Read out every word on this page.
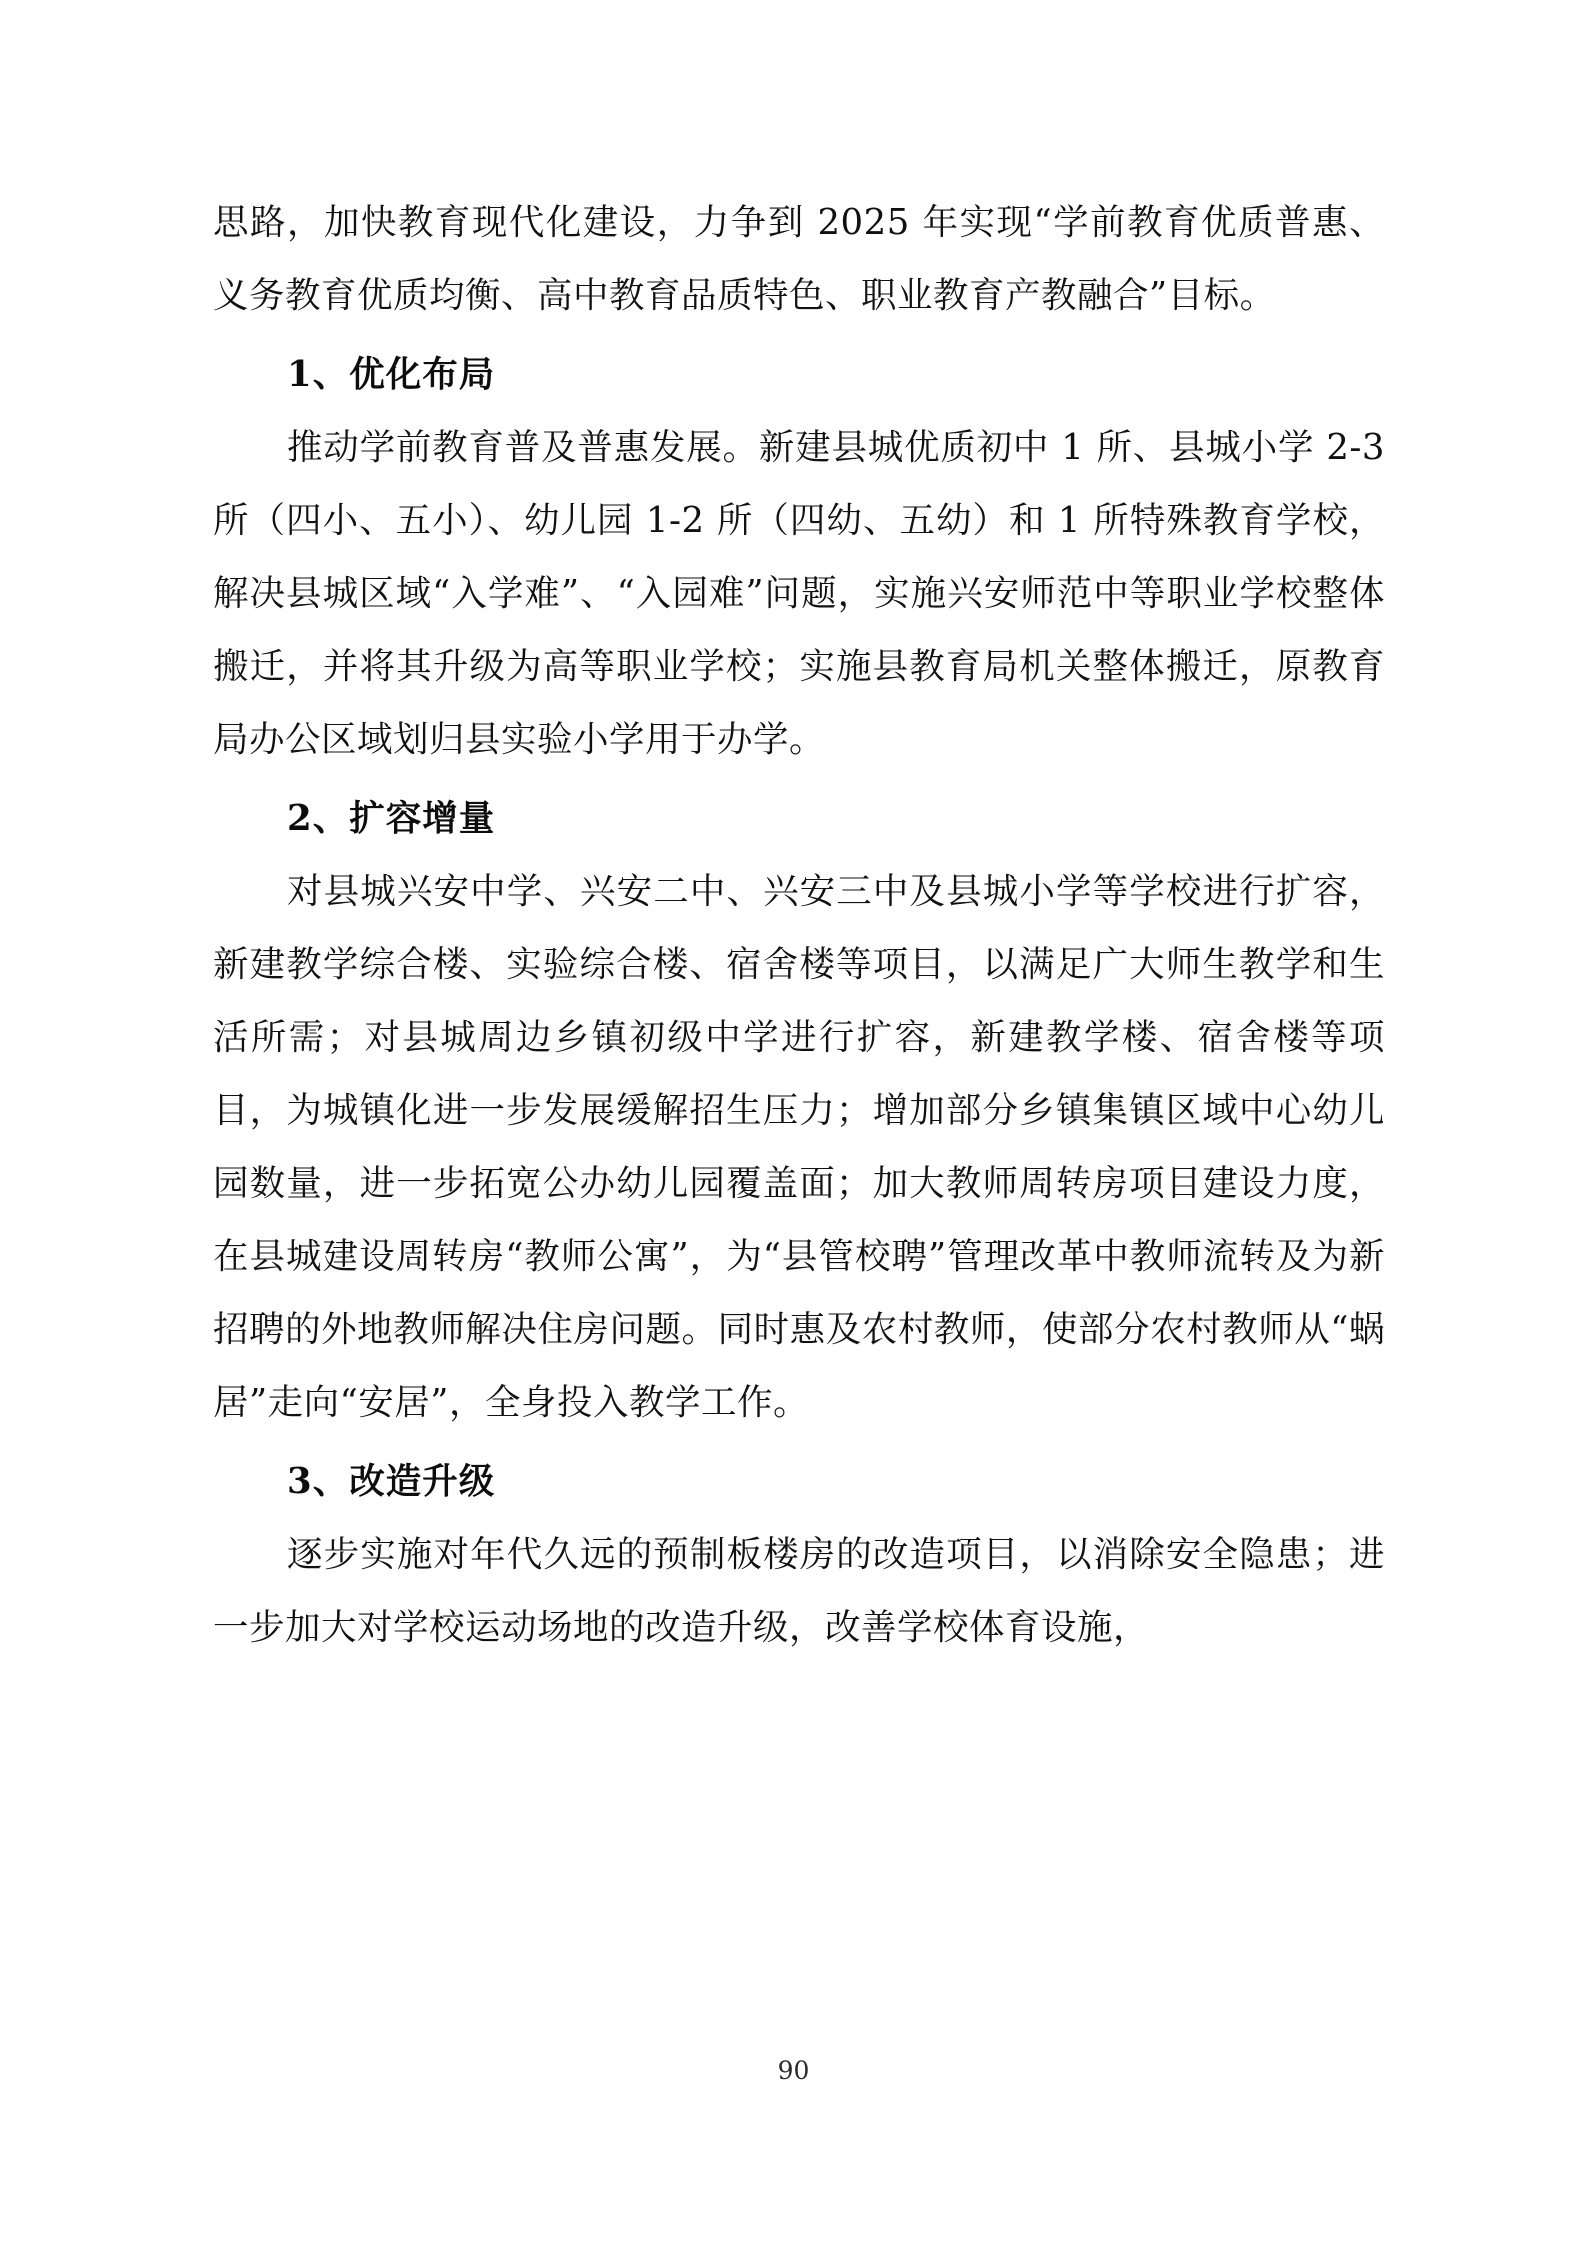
思路，加快教育现代化建设，力争到 2025 年实现“学前教育优质普惠、义务教育优质均衡、高中教育品质特色、职业教育产教融合”目标。

1、优化布局

推动学前教育普及普惠发展。新建县城优质初中 1 所、县城小学 2-3 所（四小、五小）、幼儿园 1-2 所（四幼、五幼）和 1 所特殊教育学校，解决县城区域“入学难”、“入园难”问题，实施兴安师范中等职业学校整体搬迁，并将其升级为高等职业学校；实施县教育局机关整体搬迁，原教育局办公区域划归县实验小学用于办学。

2、扩容增量

对县城兴安中学、兴安二中、兴安三中及县城小学等学校进行扩容，新建教学综合楼、实验综合楼、宿舍楼等项目，以满足广大师生教学和生活所需；对县城周边乡镇初级中学进行扩容，新建教学楼、宿舍楼等项目，为城镇化进一步发展缓解招生压力；增加部分乡镇集镇区域中心幼儿园数量，进一步拓宽公办幼儿园覆盖面；加大教师周转房项目建设力度，在县城建设周转房“教师公寓”，为“县管校聘”管理改革中教师流转及为新招聘的外地教师解决住房问题。同时惠及农村教师，使部分农村教师从“蜗居”走向“安居”，全身投入教学工作。

3、改造升级

逐步实施对年代久远的预制板楼房的改造项目，以消除安全隐患；进一步加大对学校运动场地的改造升级，改善学校体育设施，

90
